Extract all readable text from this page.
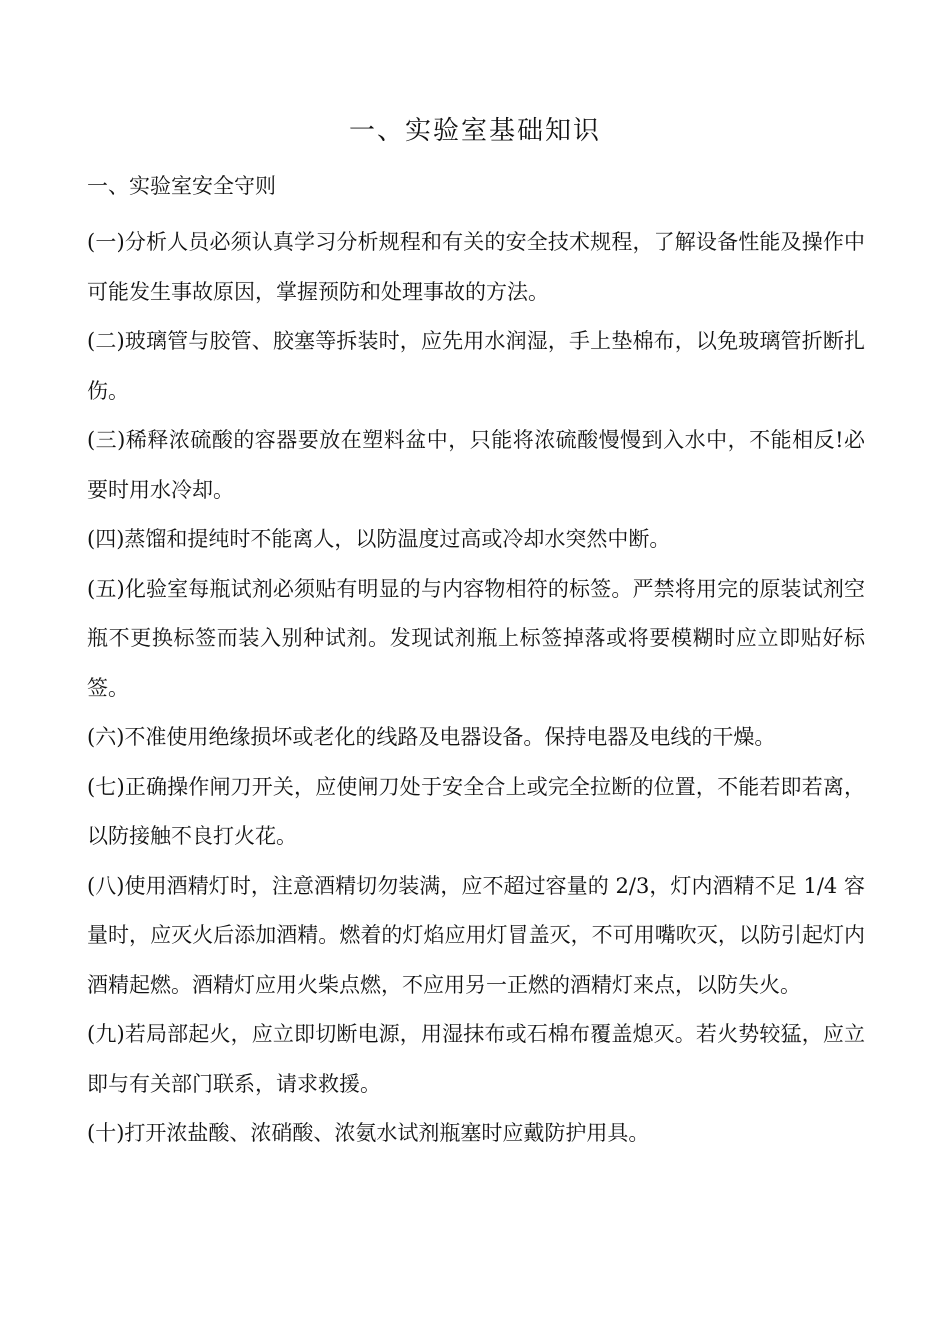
一、实验室基础知识
一、实验室安全守则

(一)分析人员必须认真学习分析规程和有关的安全技术规程，了解设备性能及操作中可能发生事故原因，掌握预防和处理事故的方法。

(二)玻璃管与胶管、胶塞等拆装时，应先用水润湿，手上垫棉布，以免玻璃管折断扎伤。

(三)稀释浓硫酸的容器要放在塑料盆中，只能将浓硫酸慢慢到入水中，不能相反!必要时用水冷却。

(四)蒸馏和提纯时不能离人，以防温度过高或冷却水突然中断。

(五)化验室每瓶试剂必须贴有明显的与内容物相符的标签。严禁将用完的原装试剂空瓶不更换标签而装入别种试剂。发现试剂瓶上标签掉落或将要模糊时应立即贴好标签。

(六)不准使用绝缘损坏或老化的线路及电器设备。保持电器及电线的干燥。

(七)正确操作闸刀开关，应使闸刀处于安全合上或完全拉断的位置，不能若即若离，以防接触不良打火花。

(八)使用酒精灯时，注意酒精切勿装满，应不超过容量的 2/3，灯内酒精不足 1/4 容量时，应灭火后添加酒精。燃着的灯焰应用灯冒盖灭，不可用嘴吹灭，以防引起灯内酒精起燃。酒精灯应用火柴点燃，不应用另一正燃的酒精灯来点，以防失火。

(九)若局部起火，应立即切断电源，用湿抹布或石棉布覆盖熄灭。若火势较猛，应立即与有关部门联系，请求救援。

(十)打开浓盐酸、浓硝酸、浓氨水试剂瓶塞时应戴防护用具。
